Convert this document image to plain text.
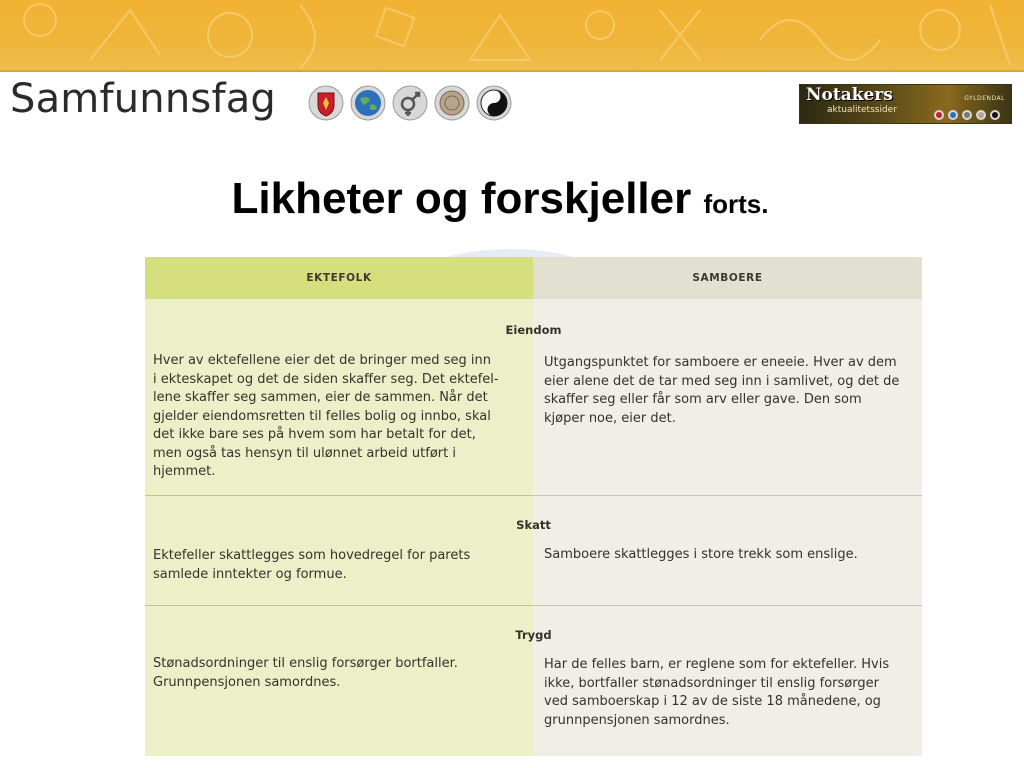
Samfunnsfag	Notakers
aktualitetssider
GYLDENDAL
Likheter og forskjeller forts.
EKTEFOLK	SAMBOERE
Eiendom
Hver av ektefellene eier det de bringer med seg inn
i ekteskapet og det de siden skaffer seg. Det ektefel-
lene skaffer seg sammen, eier de sammen. Når det
gjelder eiendomsretten til felles bolig og innbo, skal
det ikke bare ses på hvem som har betalt for det,
men også tas hensyn til ulønnet arbeid utført i
hjemmet.
Utgangspunktet for samboere er eneeie. Hver av dem
eier alene det de tar med seg inn i samlivet, og det de
skaffer seg eller får som arv eller gave. Den som
kjøper noe, eier det.
Skatt
Ektefeller skattlegges som hovedregel for parets
samlede inntekter og formue.
Samboere skattlegges i store trekk som enslige.
Trygd
Stønadsordninger til enslig forsørger bortfaller.
Grunnpensjonen samordnes.
Har de felles barn, er reglene som for ektefeller. Hvis
ikke, bortfaller stønadsordninger til enslig forsørger
ved samboerskap i 12 av de siste 18 månedene, og
grunnpensjonen samordnes.
